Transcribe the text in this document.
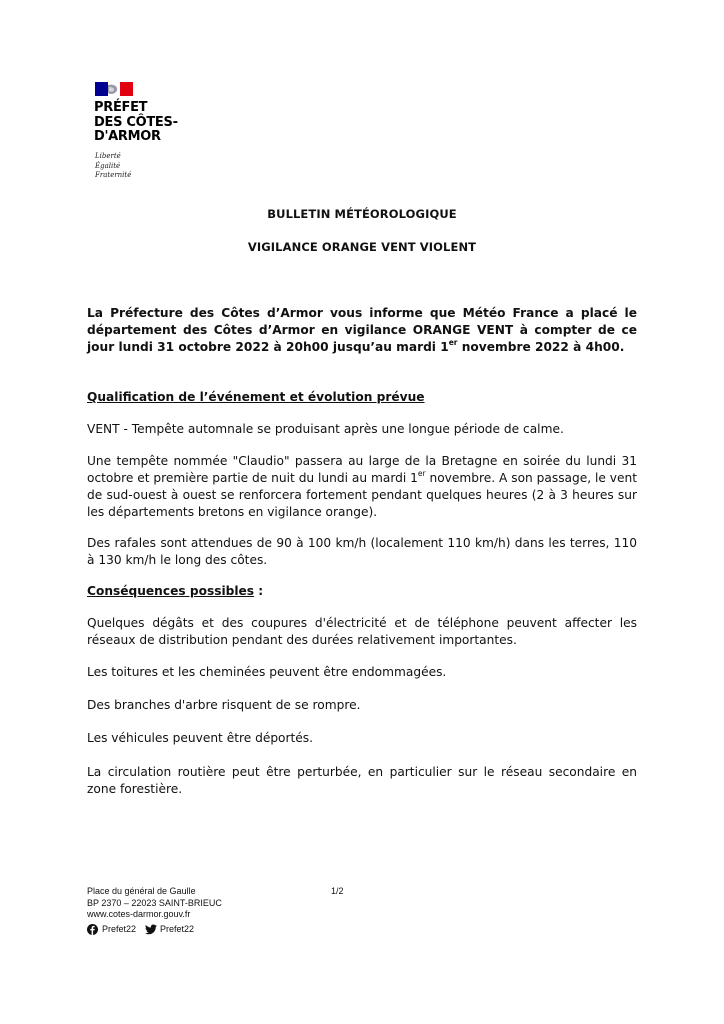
PRÉFET
DES CÔTES-
D'ARMOR
Liberté
Égalité
Fraternité
BULLETIN MÉTÉOROLOGIQUE
VIGILANCE ORANGE VENT VIOLENT
La Préfecture des Côtes d’Armor vous informe que Météo France a placé le département des Côtes d’Armor en vigilance ORANGE VENT à compter de ce jour lundi 31 octobre 2022 à 20h00 jusqu’au mardi 1er novembre 2022 à 4h00.
Qualification de l’événement et évolution prévue
VENT - Tempête automnale se produisant après une longue période de calme.
Une tempête nommée "Claudio" passera au large de la Bretagne en soirée du lundi 31 octobre et première partie de nuit du lundi au mardi 1er novembre. A son passage, le vent de sud-ouest à ouest se renforcera fortement pendant quelques heures (2 à 3 heures sur les départements bretons en vigilance orange).
Des rafales sont attendues de 90 à 100 km/h (localement 110 km/h) dans les terres, 110 à 130 km/h le long des côtes.
Conséquences possibles :
Quelques dégâts et des coupures d'électricité et de téléphone peuvent affecter les réseaux de distribution pendant des durées relativement importantes.
Les toitures et les cheminées peuvent être endommagées.
Des branches d'arbre risquent de se rompre.
Les véhicules peuvent être déportés.
La circulation routière peut être perturbée, en particulier sur le réseau secondaire en zone forestière.
Place du général de Gaulle
BP 2370 – 22023 SAINT-BRIEUC
www.cotes-darmor.gouv.fr
1/2
Prefet22	Prefet22
